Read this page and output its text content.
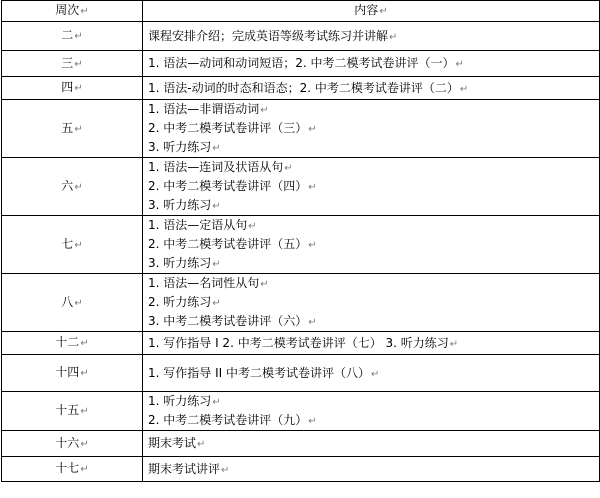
周次↵	内容↵
二↵	课程安排介绍；完成英语等级考试练习并讲解↵

三↵	1. 语法—动词和动词短语；2. 中考二模考试卷讲评（一）↵

四↵	1. 语法-动词的时态和语态；2. 中考二模考试卷讲评（二）↵

五↵	1. 语法—非谓语动词↵
2. 中考二模考试卷讲评（三）↵
3. 听力练习↵

六↵	1. 语法—连词及状语从句↵
2. 中考二模考试卷讲评（四）↵
3. 听力练习↵

七↵	1. 语法—定语从句↵
2. 中考二模考试卷讲评（五）↵
3. 听力练习↵

八↵	1. 语法—名词性从句↵
2. 听力练习↵
3. 中考二模考试卷讲评（六）↵

十二↵	1. 写作指导 I 2. 中考二模考试卷讲评（七） 3. 听力练习↵

十四↵	1. 写作指导 II 中考二模考试卷讲评（八）↵

十五↵	1. 听力练习↵
2. 中考二模考试卷讲评（九）↵

十六↵	期末考试↵

十七↵	期末考试讲评↵
